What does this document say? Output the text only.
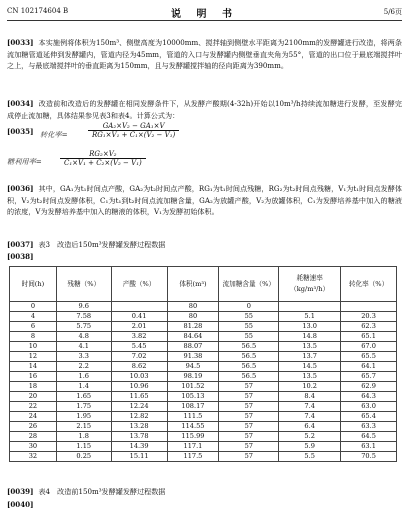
CN 102174604 B	说 明 书	5/6页
[0033] 本实施例将体积为150m³、侧壁高度为10000mm、搅拌轴到侧壁水平距离为2100mm的发酵罐进行改造，将两条流加糖管道延伸到发酵罐内，管道内径为45mm，管道的入口与发酵罐内侧壁垂直夹角为55°，管道的出口位于最底端搅拌叶之上，与最底端搅拌叶的垂直距离为150mm，且与发酵罐搅拌轴的径向距离为390mm。
[0034] 改造前和改造后的发酵罐在相同发酵条件下，从发酵产酸期(4-32h)开始以10m³/h持续流加糖进行发酵，至发酵完成停止流加糖，具体结果参见表3和表4。计算公式为：
[0035] 转化率=	$\frac{\text{GA₂×V₂ − GA₁×V}}{\text{RG₁×V₁ + C₁×(V₂ − V₁)}}$
糖利用率=	$\frac{\text{RG₂×V₂}}{\text{C₁×V₁ + C₂×(V₂ − V₁)}}$
[0036] 其中，GA₁为t₁时间点产酸，GA₂为t₂时间点产酸，RG₁为t₁时间点残糖，RG₂为t₂时间点残糖，V₁为t₁时间点发酵体积，V₂为t₂时间点发酵体积，C₁为t₁到t₂时间点流加糖含量，GA₂为放罐产酸，V₂为放罐体积，C₁为发酵培养基中加入的糖液的浓度，V为发酵培养基中加入的糖液的体积，V₁为发酵初始体积。
[0037] 表3　改造后150m³发酵罐发酵过程数据
[0038]
时间(h)	残糖（%）	产酸（%）	体积(m³)	流加糖含量（%）	耗糖速率（kg/m³/h）	转化率（%）
0	9.6		80	0		
4	7.58	0.41	80	55	5.1	20.3
6	5.75	2.01	81.28	55	13.0	62.3
8	4.8	3.82	84.64	55	14.8	65.1
10	4.1	5.45	88.07	56.5	13.5	67.0
12	3.3	7.02	91.38	56.5	13.7	65.5
14	2.2	8.62	94.5	56.5	14.5	64.1
16	1.6	10.03	98.19	56.5	13.5	65.7
18	1.4	10.96	101.52	57	10.2	62.9
20	1.65	11.65	105.13	57	8.4	64.3
22	1.75	12.24	108.17	57	7.4	63.0
24	1.95	12.82	111.5	57	7.4	65.4
26	2.15	13.28	114.55	57	6.4	63.3
28	1.8	13.78	115.99	57	5.2	64.5
30	1.15	14.39	117.1	57	5.9	63.1
32	0.25	15.11	117.5	57	5.5	70.5
[0039] 表4　改造前150m³发酵罐发酵过程数据
[0040]
